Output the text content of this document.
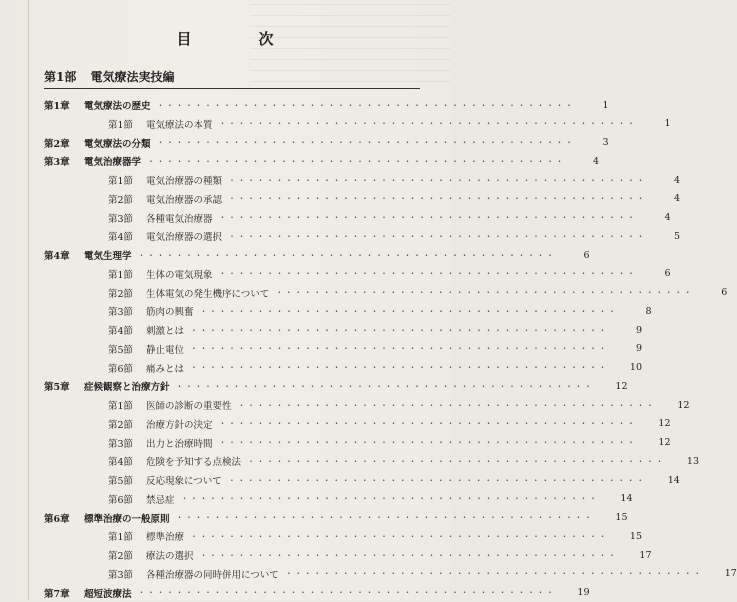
目　次
第1部 電気療法実技編
第1章	電気療法の歴史 ・・・・・・・・・・・・・・・・・・・・・・・・・・・・・・・・・・・・・・・・・・・・	1
第1節	電気療法の本質 ・・・・・・・・・・・・・・・・・・・・・・・・・・・・・・・・・・・・・・・・・・・・	1
第2章	電気療法の分類 ・・・・・・・・・・・・・・・・・・・・・・・・・・・・・・・・・・・・・・・・・・・・	3
第3章	電気治療器学 ・・・・・・・・・・・・・・・・・・・・・・・・・・・・・・・・・・・・・・・・・・・・	4
第1節	電気治療器の種類 ・・・・・・・・・・・・・・・・・・・・・・・・・・・・・・・・・・・・・・・・・・・・	4
第2節	電気治療器の承認 ・・・・・・・・・・・・・・・・・・・・・・・・・・・・・・・・・・・・・・・・・・・・	4
第3節	各種電気治療器 ・・・・・・・・・・・・・・・・・・・・・・・・・・・・・・・・・・・・・・・・・・・・	4
第4節	電気治療器の選択 ・・・・・・・・・・・・・・・・・・・・・・・・・・・・・・・・・・・・・・・・・・・・	5
第4章	電気生理学 ・・・・・・・・・・・・・・・・・・・・・・・・・・・・・・・・・・・・・・・・・・・・	6
第1節	生体の電気現象 ・・・・・・・・・・・・・・・・・・・・・・・・・・・・・・・・・・・・・・・・・・・・	6
第2節	生体電気の発生機序について ・・・・・・・・・・・・・・・・・・・・・・・・・・・・・・・・・・・・・・・・・・・・	6
第3節	筋肉の興奮 ・・・・・・・・・・・・・・・・・・・・・・・・・・・・・・・・・・・・・・・・・・・・	8
第4節	刺激とは ・・・・・・・・・・・・・・・・・・・・・・・・・・・・・・・・・・・・・・・・・・・・	9
第5節	静止電位 ・・・・・・・・・・・・・・・・・・・・・・・・・・・・・・・・・・・・・・・・・・・・	9
第6節	痛みとは ・・・・・・・・・・・・・・・・・・・・・・・・・・・・・・・・・・・・・・・・・・・・	10
第5章	症候観察と治療方針 ・・・・・・・・・・・・・・・・・・・・・・・・・・・・・・・・・・・・・・・・・・・・	12
第1節	医師の診断の重要性 ・・・・・・・・・・・・・・・・・・・・・・・・・・・・・・・・・・・・・・・・・・・・	12
第2節	治療方針の決定 ・・・・・・・・・・・・・・・・・・・・・・・・・・・・・・・・・・・・・・・・・・・・	12
第3節	出力と治療時間 ・・・・・・・・・・・・・・・・・・・・・・・・・・・・・・・・・・・・・・・・・・・・	12
第4節	危険を予知する点検法 ・・・・・・・・・・・・・・・・・・・・・・・・・・・・・・・・・・・・・・・・・・・・	13
第5節	反応現象について ・・・・・・・・・・・・・・・・・・・・・・・・・・・・・・・・・・・・・・・・・・・・	14
第6節	禁忌症 ・・・・・・・・・・・・・・・・・・・・・・・・・・・・・・・・・・・・・・・・・・・・	14
第6章	標準治療の一般原則 ・・・・・・・・・・・・・・・・・・・・・・・・・・・・・・・・・・・・・・・・・・・・	15
第1節	標準治療 ・・・・・・・・・・・・・・・・・・・・・・・・・・・・・・・・・・・・・・・・・・・・	15
第2節	療法の選択 ・・・・・・・・・・・・・・・・・・・・・・・・・・・・・・・・・・・・・・・・・・・・	17
第3節	各種治療器の同時併用について ・・・・・・・・・・・・・・・・・・・・・・・・・・・・・・・・・・・・・・・・・・・・	17
第7章	超短波療法 ・・・・・・・・・・・・・・・・・・・・・・・・・・・・・・・・・・・・・・・・・・・・	19
